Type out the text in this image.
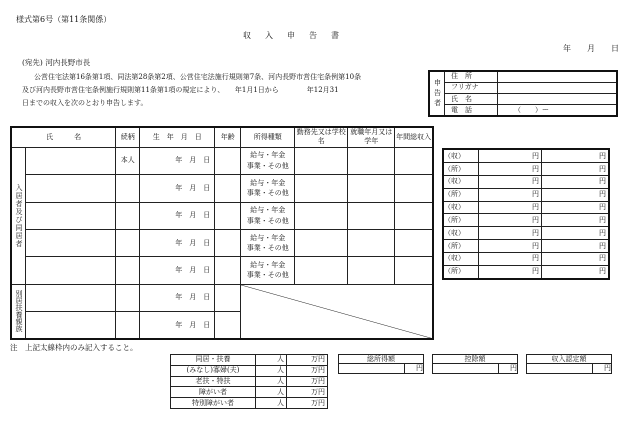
様式第6号（第11条関係）
収　入　申　告　書
年　　月　　日
(宛先) 河内長野市長
公営住宅法第16条第1項、同法第28条第2項、公営住宅法施行規則第7条、河内長野市営住宅条例第10条
及び河内長野市営住宅条例施行規則第11条第1項の規定により、　　年1月1日から　　　　年12月31
日までの収入を次のとおり申告します。	申告者	住　所	
	フリガナ	
	氏　名	
	電　話	（　　）ー
氏　　　名		続柄	生　年　月　日	年齢	所得種類	勤務先又は学校名	就職年月又は学年	年間総収入
入居者及び同居者		本人	年　月　日		給与・年金
事業・その他			
			年　月　日		給与・年金
事業・その他			
			年　月　日		給与・年金
事業・その他			
			年　月　日		給与・年金
事業・その他			
			年　月　日		給与・年金
事業・その他			
別居扶養親族			年　月　日		

			年　月　日					
（収）	円	円
（所）	円	円
（収）	円	円
（所）	円	円
（収）	円	円
（所）	円	円
（収）	円	円
（所）	円	円
（収）	円	円
（所）	円	円
注　上記太線枠内のみ記入すること。
同居・扶養	人	万円
(みなし)寡婦(夫)	人	万円
老扶・特扶	人	万円
障がい者	人	万円
特別障がい者	人	万円
総所得額
	円
控除額
	円
収入認定額
	円
